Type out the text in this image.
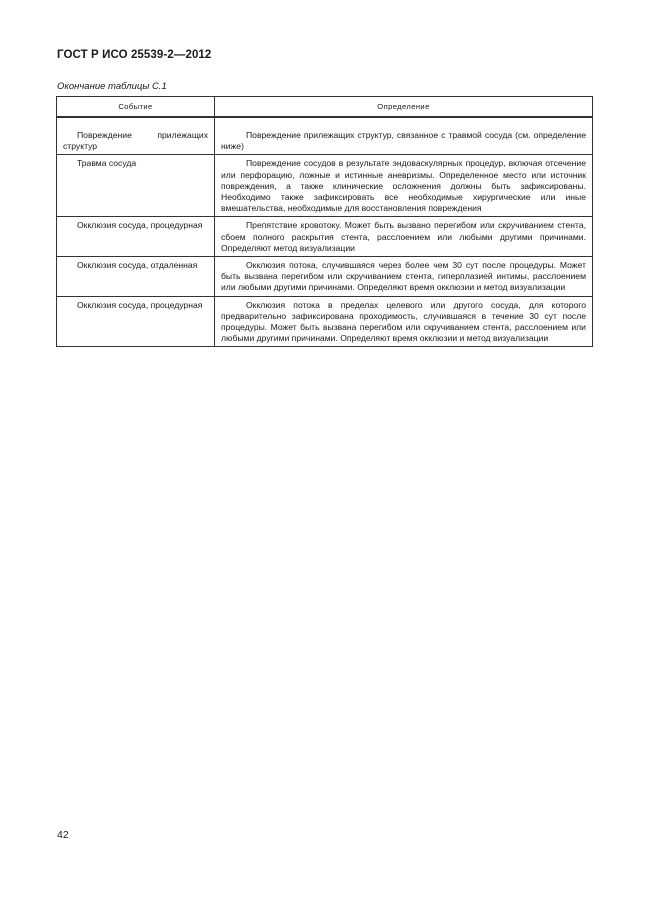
ГОСТ Р ИСО 25539-2—2012
Окончание таблицы С.1
Событие	Определение

Повреждение прилежащих структур	Повреждение прилежащих структур, связанное с травмой сосуда (см. определение ниже)
Травма сосуда	Повреждение сосудов в результате эндоваскулярных процедур, включая отсечение или перфорацию, ложные и истинные аневризмы. Определенное место или источник повреждения, а также клинические осложнения должны быть зафиксированы. Необходимо также зафиксировать все необходимые хирургические или иные вмешательства, необходимые для восстановления повреждения
Окклюзия сосуда, процедурная	Препятствие кровотоку. Может быть вызвано перегибом или скручиванием стента, сбоем полного раскрытия стента, расслоением или любыми другими причинами. Определяют метод визуализации
Окклюзия сосуда, отдаленная	Окклюзия потока, случившаяся через более чем 30 сут после процедуры. Может быть вызвана перегибом или скручиванием стента, гиперплазией интимы, расслоением или любыми другими причинами. Определяют время окклюзии и метод визуализации
Окклюзия сосуда, процедурная	Окклюзия потока в пределах целевого или другого сосуда, для которого предварительно зафиксирована проходимость, случившаяся в течение 30 сут после процедуры. Может быть вызвана перегибом или скручиванием стента, расслоением или любыми другими причинами. Определяют время окклюзии и метод визуализации
42
